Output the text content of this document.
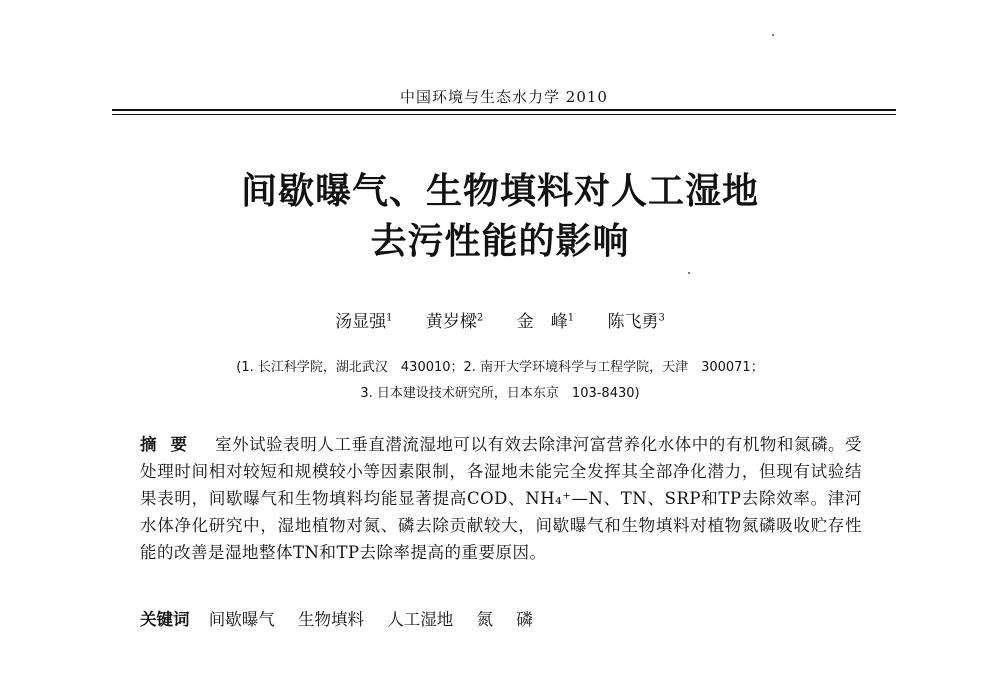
中国环境与生态水力学 2010
间歇曝气、生物填料对人工湿地
去污性能的影响
汤显强$^1$ 黄岁樑$^2$ 金　峰$^1$ 陈飞勇$^3$
(1. 长江科学院，湖北武汉　430010；2. 南开大学环境科学与工程学院，天津　300071；
3. 日本建设技术研究所，日本东京　103-8430)
摘要 室外试验表明人工垂直潜流湿地可以有效去除津河富营养化水体中的有机物和氮磷。受处理时间相对较短和规模较小等因素限制，各湿地未能完全发挥其全部净化潜力，但现有试验结果表明，间歇曝气和生物填料均能显著提高COD、NH₄⁺—N、TN、SRP和TP去除效率。津河水体净化研究中，湿地植物对氮、磷去除贡献较大，间歇曝气和生物填料对植物氮磷吸收贮存性能的改善是湿地整体TN和TP去除率提高的重要原因。
关键词 间歇曝气 生物填料 人工湿地 氮 磷
